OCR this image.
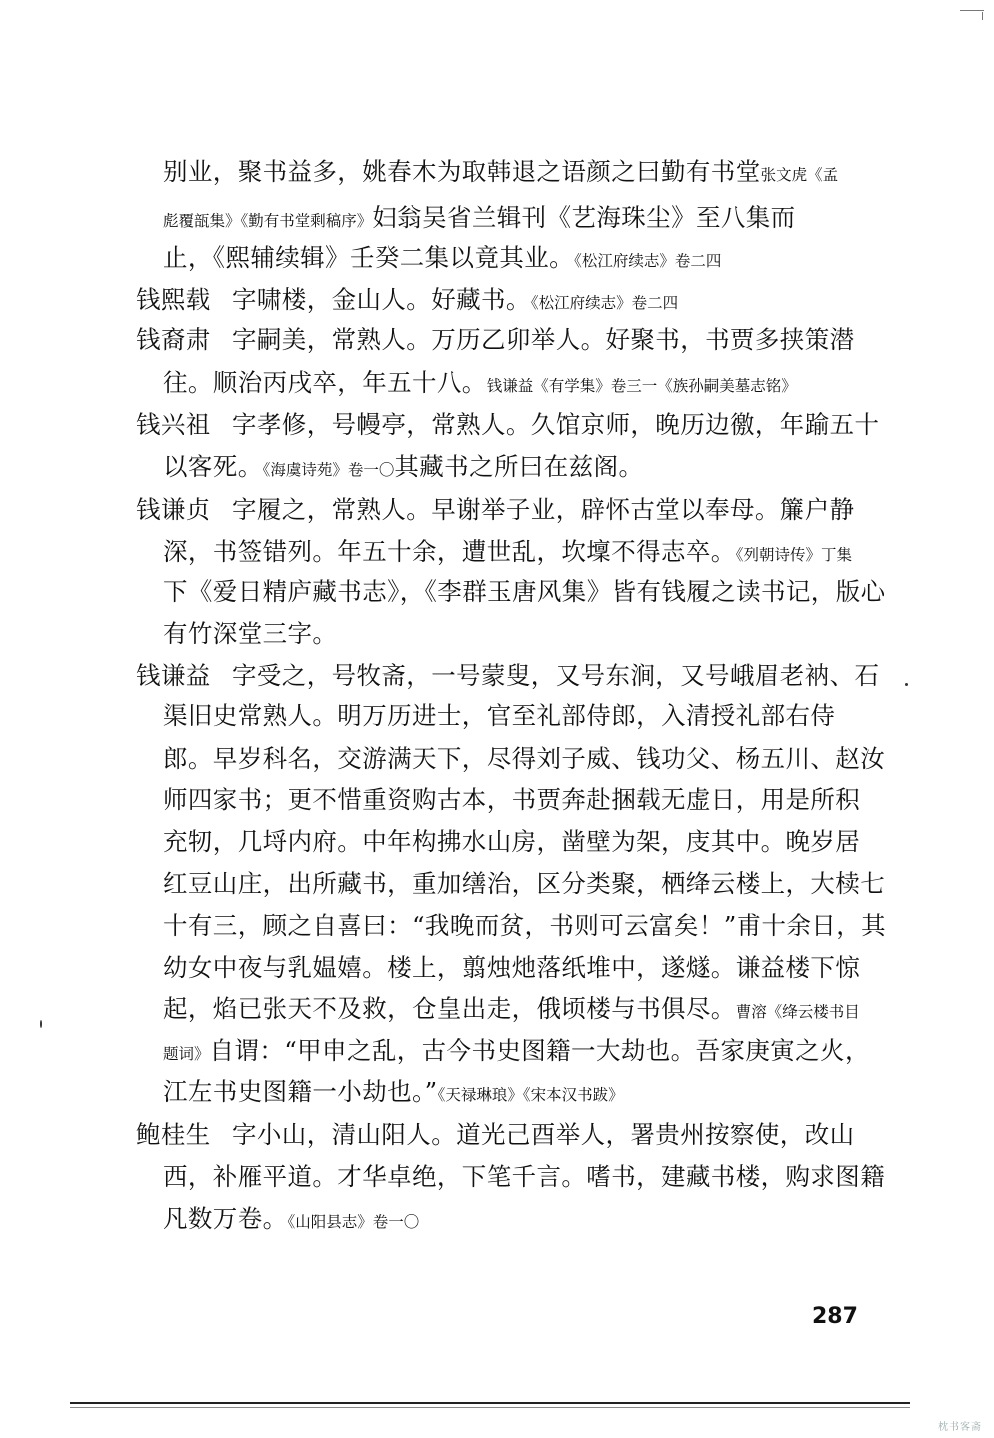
别业，聚书益多，姚春木为取韩退之语颜之曰勤有书堂张文虎《孟
彪覆瓿集》《勤有书堂剩稿序》妇翁吴省兰辑刊《艺海珠尘》至八集而
止，《熙辅续辑》壬癸二集以竟其业。《松江府续志》卷二四
钱熙载 字啸楼，金山人。好藏书。《松江府续志》卷二四
钱裔肃 字嗣美，常熟人。万历乙卯举人。好聚书，书贾多挟策潜
往。顺治丙戌卒，年五十八。钱谦益《有学集》卷三一《族孙嗣美墓志铭》
钱兴祖 字孝修，号幔亭，常熟人。久馆京师，晚历边徼，年踰五十
以客死。《海虞诗苑》卷一〇其藏书之所曰在兹阁。
钱谦贞 字履之，常熟人。早谢举子业，辟怀古堂以奉母。簾户静
深，书签错列。年五十余，遭世乱，坎壈不得志卒。《列朝诗传》丁集
下《爱日精庐藏书志》，《李群玉唐风集》皆有钱履之读书记，版心
有竹深堂三字。
钱谦益 字受之，号牧斋，一号蒙叟，又号东涧，又号峨眉老衲、石
渠旧史常熟人。明万历进士，官至礼部侍郎，入清授礼部右侍
郎。早岁科名，交游满天下，尽得刘子威、钱功父、杨五川、赵汝
师四家书；更不惜重资购古本，书贾奔赴捆载无虚日，用是所积
充牣，几埒内府。中年构拂水山房，凿壁为架，庋其中。晚岁居
红豆山庄，出所藏书，重加缮治，区分类聚，栖绛云楼上，大椟七
十有三，顾之自喜曰：“我晚而贫，书则可云富矣！”甫十余日，其
幼女中夜与乳媪嬉。楼上，翦烛灺落纸堆中，遂燧。谦益楼下惊
起，焰已张天不及救，仓皇出走，俄顷楼与书俱尽。曹溶《绛云楼书目
题词》自谓：“甲申之乱，古今书史图籍一大劫也。吾家庚寅之火，
江左书史图籍一小劫也。”《天禄琳琅》《宋本汉书跋》
鲍桂生 字小山，清山阳人。道光己酉举人，署贵州按察使，改山
西，补雁平道。才华卓绝，下笔千言。嗜书，建藏书楼，购求图籍
凡数万卷。《山阳县志》卷一〇
287
枕书客斋
